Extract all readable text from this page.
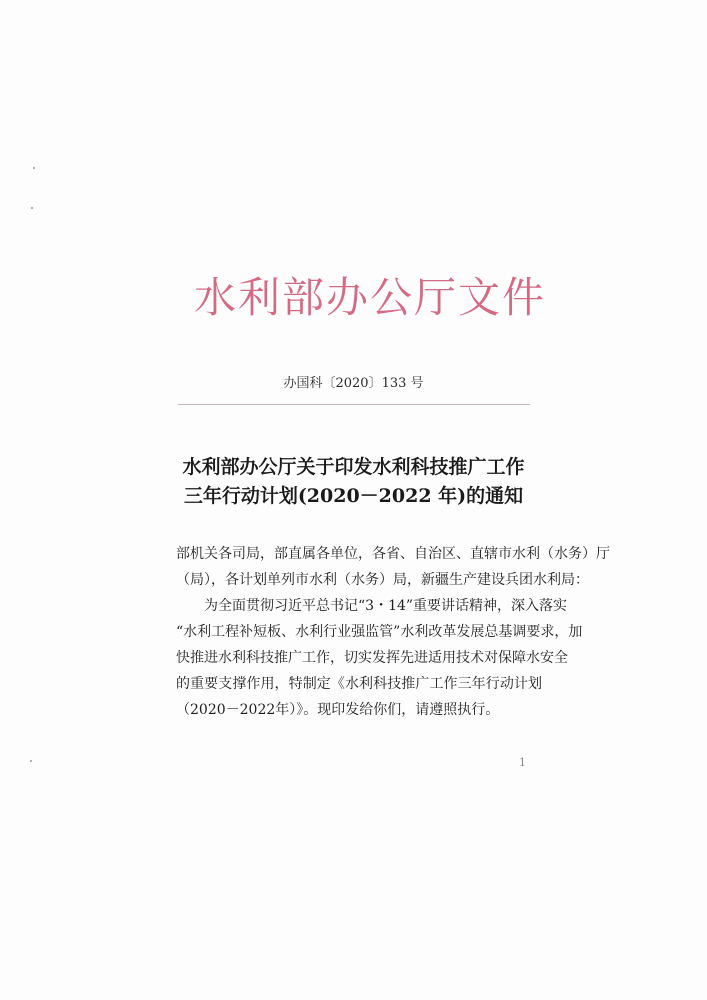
水利部办公厅文件
办国科〔2020〕133 号
水利部办公厅关于印发水利科技推广工作
三年行动计划(2020－2022 年)的通知
部机关各司局，部直属各单位，各省、自治区、直辖市水利（水务）厅
（局），各计划单列市水利（水务）局，新疆生产建设兵团水利局：
为全面贯彻习近平总书记“3・14”重要讲话精神，深入落实
“水利工程补短板、水利行业强监管”水利改革发展总基调要求，加
快推进水利科技推广工作，切实发挥先进适用技术对保障水安全
的重要支撑作用，特制定《水利科技推广工作三年行动计划
（2020－2022年）》。现印发给你们，请遵照执行。
1
